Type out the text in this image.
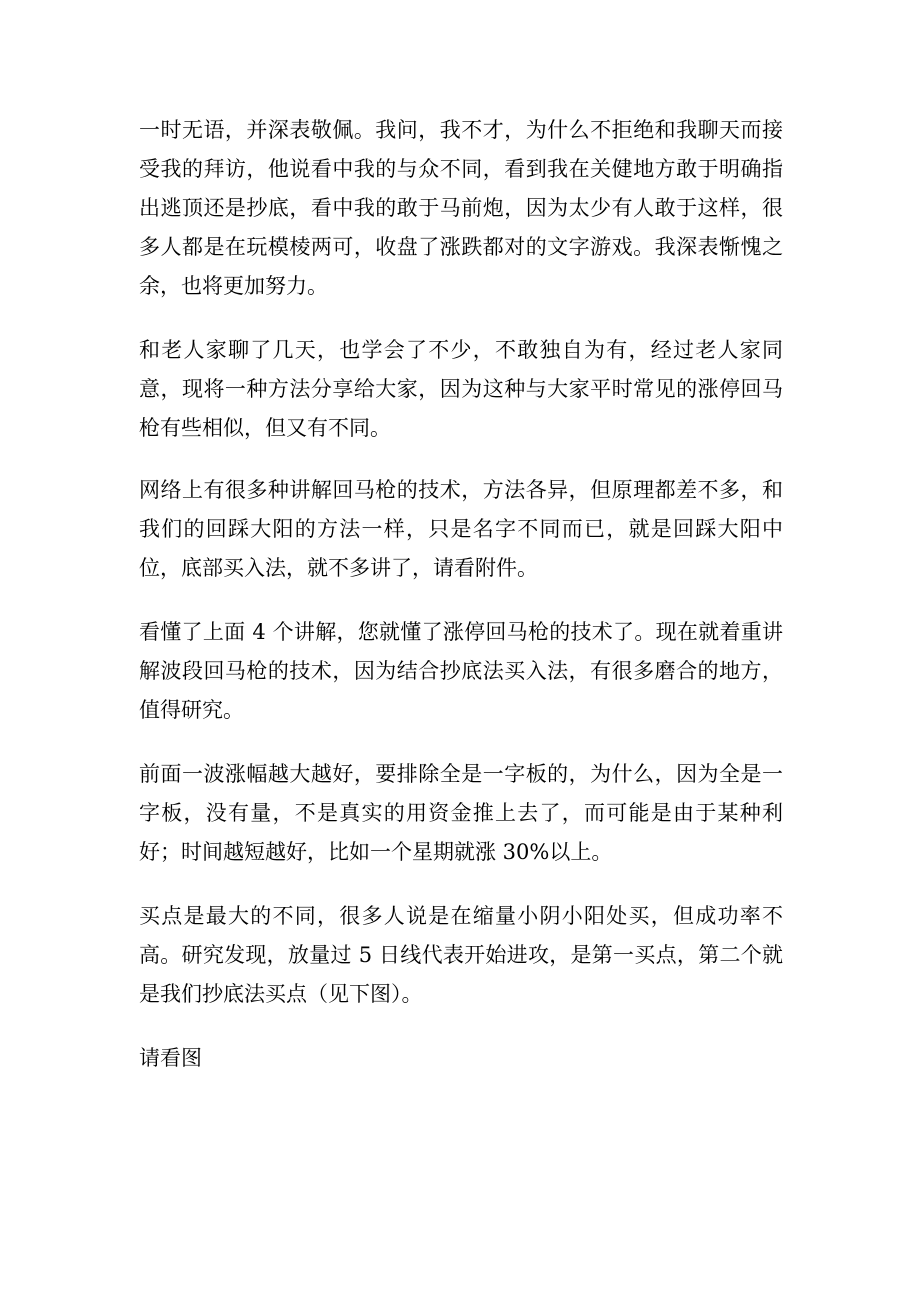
一时无语，并深表敬佩。我问，我不才，为什么不拒绝和我聊天而接受我的拜访，他说看中我的与众不同，看到我在关健地方敢于明确指出逃顶还是抄底，看中我的敢于马前炮，因为太少有人敢于这样，很多人都是在玩模棱两可，收盘了涨跌都对的文字游戏。我深表惭愧之余，也将更加努力。

和老人家聊了几天，也学会了不少，不敢独自为有，经过老人家同意，现将一种方法分享给大家，因为这种与大家平时常见的涨停回马枪有些相似，但又有不同。

网络上有很多种讲解回马枪的技术，方法各异，但原理都差不多，和我们的回踩大阳的方法一样，只是名字不同而已，就是回踩大阳中位，底部买入法，就不多讲了，请看附件。

看懂了上面 4 个讲解，您就懂了涨停回马枪的技术了。现在就着重讲解波段回马枪的技术，因为结合抄底法买入法，有很多磨合的地方，值得研究。

前面一波涨幅越大越好，要排除全是一字板的，为什么，因为全是一字板，没有量，不是真实的用资金推上去了，而可能是由于某种利好；时间越短越好，比如一个星期就涨 30%以上。

买点是最大的不同，很多人说是在缩量小阴小阳处买，但成功率不高。研究发现，放量过 5 日线代表开始进攻，是第一买点，第二个就是我们抄底法买点（见下图）。

请看图
